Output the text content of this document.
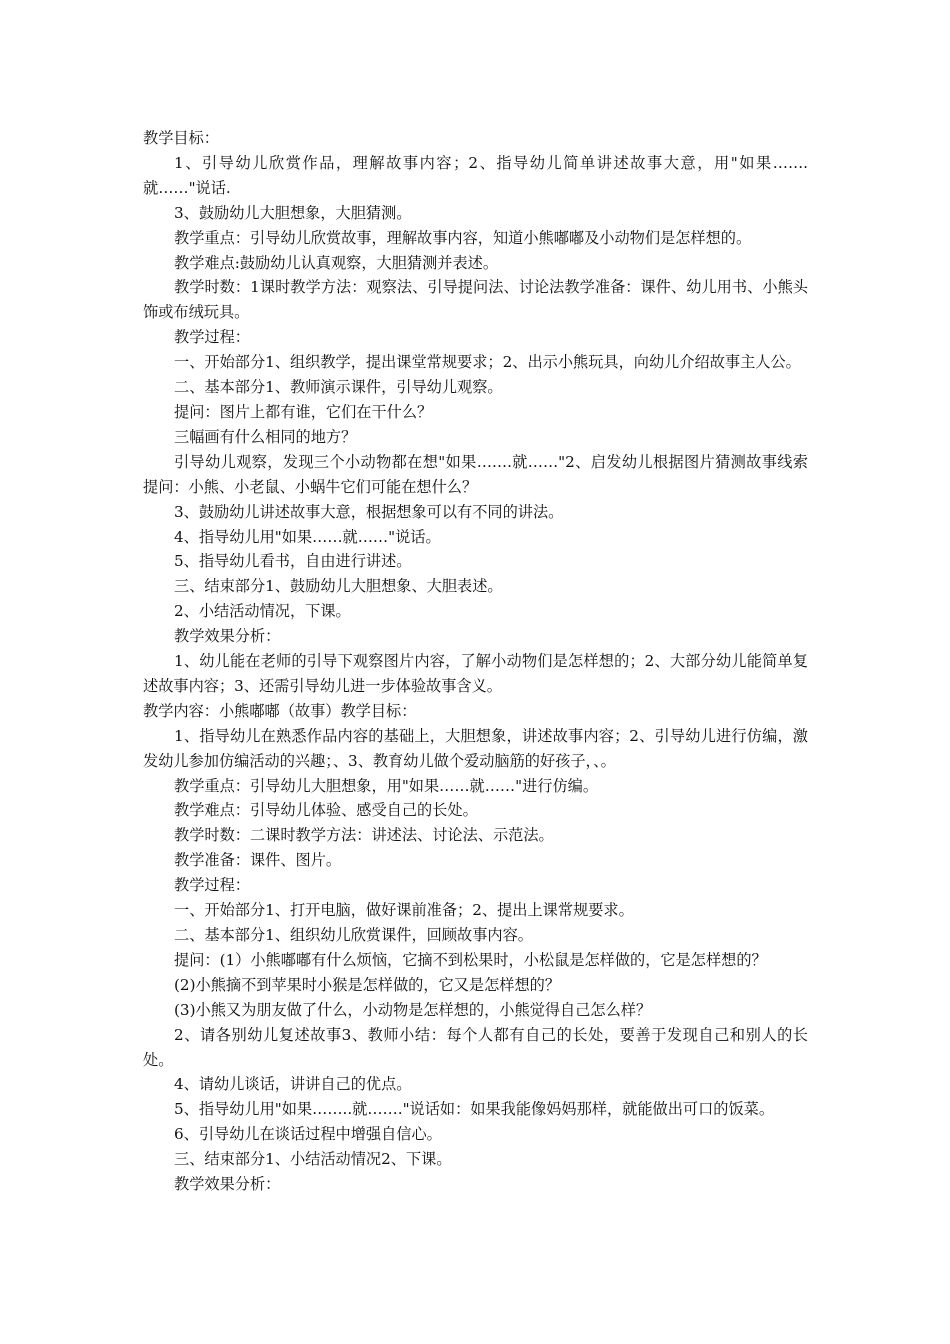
教学目标：

1、引导幼儿欣赏作品，理解故事内容；2、指导幼儿简单讲述故事大意，用"如果…….就……"说话.

3、鼓励幼儿大胆想象，大胆猜测。

教学重点：引导幼儿欣赏故事，理解故事内容，知道小熊嘟嘟及小动物们是怎样想的。

教学难点:鼓励幼儿认真观察，大胆猜测并表述。

教学时数：1课时教学方法：观察法、引导提问法、讨论法教学准备：课件、幼儿用书、小熊头饰或布绒玩具。

教学过程：

一、开始部分1、组织教学，提出课堂常规要求；2、出示小熊玩具，向幼儿介绍故事主人公。

二、基本部分1、教师演示课件，引导幼儿观察。

提问：图片上都有谁，它们在干什么？

三幅画有什么相同的地方？

引导幼儿观察，发现三个小动物都在想"如果…….就……"2、启发幼儿根据图片猜测故事线索提问：小熊、小老鼠、小蜗牛它们可能在想什么？

3、鼓励幼儿讲述故事大意，根据想象可以有不同的讲法。

4、指导幼儿用"如果……就……"说话。

5、指导幼儿看书，自由进行讲述。

三、结束部分1、鼓励幼儿大胆想象、大胆表述。

2、小结活动情况，下课。

教学效果分析：

1、幼儿能在老师的引导下观察图片内容，了解小动物们是怎样想的；2、大部分幼儿能简单复述故事内容；3、还需引导幼儿进一步体验故事含义。

教学内容：小熊嘟嘟（故事）教学目标：

1、指导幼儿在熟悉作品内容的基础上，大胆想象，讲述故事内容；2、引导幼儿进行仿编，激发幼儿参加仿编活动的兴趣；、3、教育幼儿做个爱动脑筋的好孩子，、。

教学重点：引导幼儿大胆想象，用"如果……就……"进行仿编。

教学难点：引导幼儿体验、感受自己的长处。

教学时数：二课时教学方法：讲述法、讨论法、示范法。

教学准备：课件、图片。

教学过程：

一、开始部分1、打开电脑，做好课前准备；2、提出上课常规要求。

二、基本部分1、组织幼儿欣赏课件，回顾故事内容。

提问：(1）小熊嘟嘟有什么烦恼，它摘不到松果时，小松鼠是怎样做的，它是怎样想的？

(2)小熊摘不到苹果时小猴是怎样做的，它又是怎样想的？

(3)小熊又为朋友做了什么，小动物是怎样想的，小熊觉得自己怎么样？

2、请各别幼儿复述故事3、教师小结：每个人都有自己的长处，要善于发现自己和别人的长处。

4、请幼儿谈话，讲讲自己的优点。

5、指导幼儿用"如果……..就……."说话如：如果我能像妈妈那样，就能做出可口的饭菜。

6、引导幼儿在谈话过程中增强自信心。

三、结束部分1、小结活动情况2、下课。

教学效果分析：
